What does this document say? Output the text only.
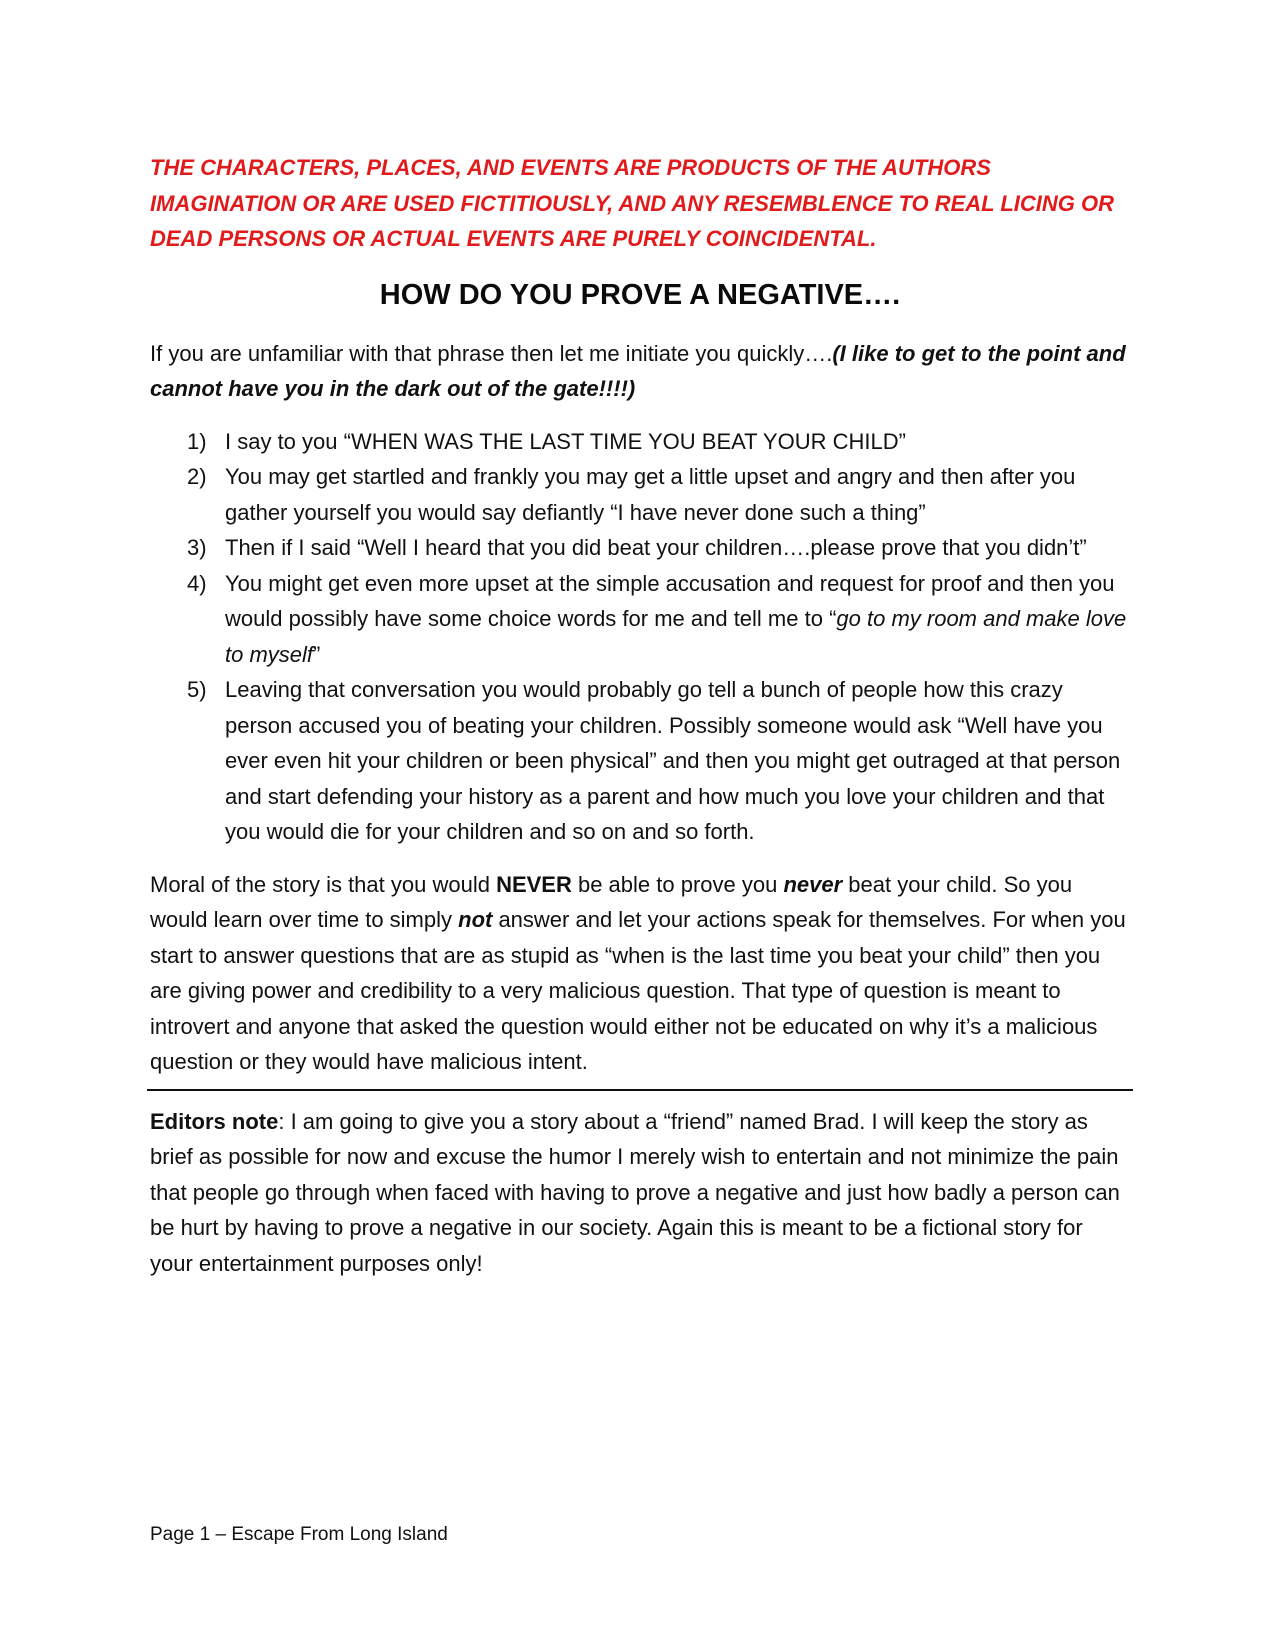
THE CHARACTERS, PLACES, AND EVENTS ARE PRODUCTS OF THE AUTHORS IMAGINATION OR ARE USED FICTITIOUSLY, AND ANY RESEMBLENCE TO REAL LICING OR DEAD PERSONS OR ACTUAL EVENTS ARE PURELY COINCIDENTAL.

HOW DO YOU PROVE A NEGATIVE….

If you are unfamiliar with that phrase then let me initiate you quickly….(I like to get to the point and cannot have you in the dark out of the gate!!!!)

1) I say to you “WHEN WAS THE LAST TIME YOU BEAT YOUR CHILD”
2) You may get startled and frankly you may get a little upset and angry and then after you gather yourself you would say defiantly “I have never done such a thing”
3) Then if I said “Well I heard that you did beat your children….please prove that you didn’t”
4) You might get even more upset at the simple accusation and request for proof and then you would possibly have some choice words for me and tell me to “go to my room and make love to myself”
5) Leaving that conversation you would probably go tell a bunch of people how this crazy person accused you of beating your children. Possibly someone would ask “Well have you ever even hit your children or been physical” and then you might get outraged at that person and start defending your history as a parent and how much you love your children and that you would die for your children and so on and so forth.

Moral of the story is that you would NEVER be able to prove you never beat your child. So you would learn over time to simply not answer and let your actions speak for themselves. For when you start to answer questions that are as stupid as “when is the last time you beat your child” then you are giving power and credibility to a very malicious question. That type of question is meant to introvert and anyone that asked the question would either not be educated on why it’s a malicious question or they would have malicious intent.

Editors note: I am going to give you a story about a “friend” named Brad. I will keep the story as brief as possible for now and excuse the humor I merely wish to entertain and not minimize the pain that people go through when faced with having to prove a negative and just how badly a person can be hurt by having to prove a negative in our society. Again this is meant to be a fictional story for your entertainment purposes only!

Page 1 – Escape From Long Island
